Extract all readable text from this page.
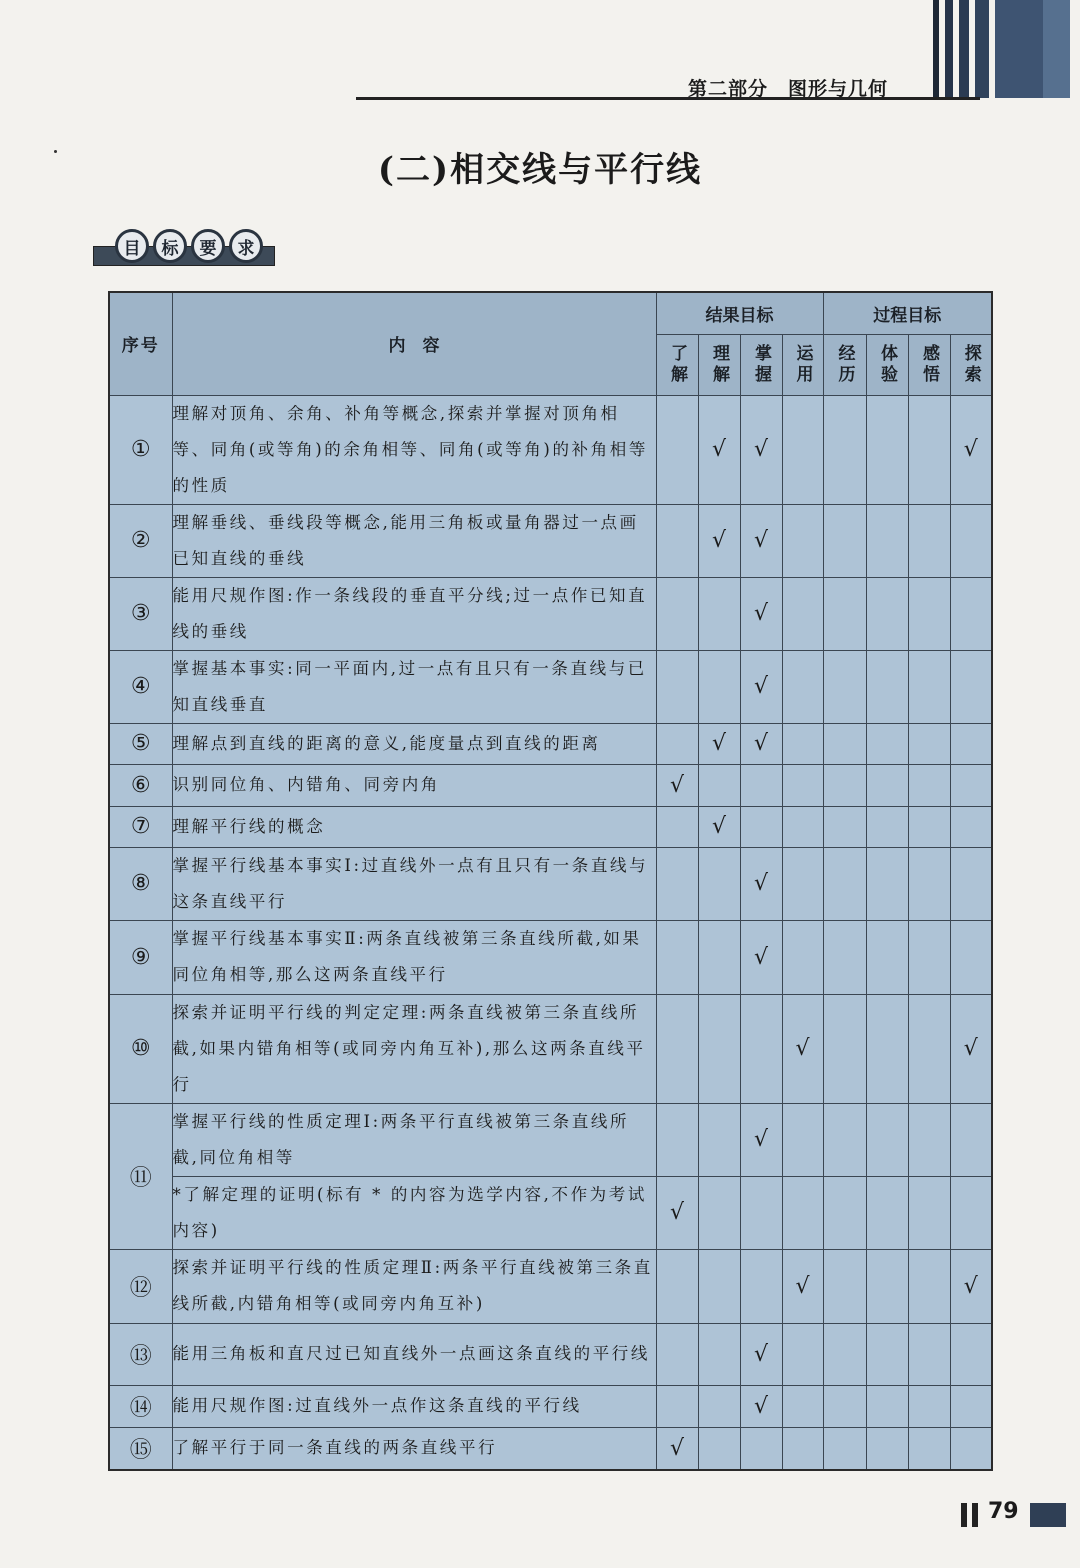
第二部分　图形与几何
(二)相交线与平行线
目	标	要	求
序号	内　容	结果目标				过程目标			
		了解	理解	掌握	运用	经历	体验	感悟	探索
①	理解对顶角、余角、补角等概念,探索并掌握对顶角相等、同角(或等角)的余角相等、同角(或等角)的补角相等的性质		√	√					√
②	理解垂线、垂线段等概念,能用三角板或量角器过一点画已知直线的垂线		√	√					
③	能用尺规作图:作一条线段的垂直平分线;过一点作已知直线的垂线			√					
④	掌握基本事实:同一平面内,过一点有且只有一条直线与已知直线垂直			√					
⑤	理解点到直线的距离的意义,能度量点到直线的距离		√	√					
⑥	识别同位角、内错角、同旁内角	√							
⑦	理解平行线的概念		√						
⑧	掌握平行线基本事实Ⅰ:过直线外一点有且只有一条直线与这条直线平行			√					
⑨	掌握平行线基本事实Ⅱ:两条直线被第三条直线所截,如果同位角相等,那么这两条直线平行			√					
⑩	探索并证明平行线的判定定理:两条直线被第三条直线所截,如果内错角相等(或同旁内角互补),那么这两条直线平行				√				√
⑪	掌握平行线的性质定理Ⅰ:两条平行直线被第三条直线所截,同位角相等			√					
	*了解定理的证明(标有 * 的内容为选学内容,不作为考试内容)	√							
⑫	探索并证明平行线的性质定理Ⅱ:两条平行直线被第三条直线所截,内错角相等(或同旁内角互补)				√				√
⑬	能用三角板和直尺过已知直线外一点画这条直线的平行线			√					
⑭	能用尺规作图:过直线外一点作这条直线的平行线			√					
⑮	了解平行于同一条直线的两条直线平行	√							
79
